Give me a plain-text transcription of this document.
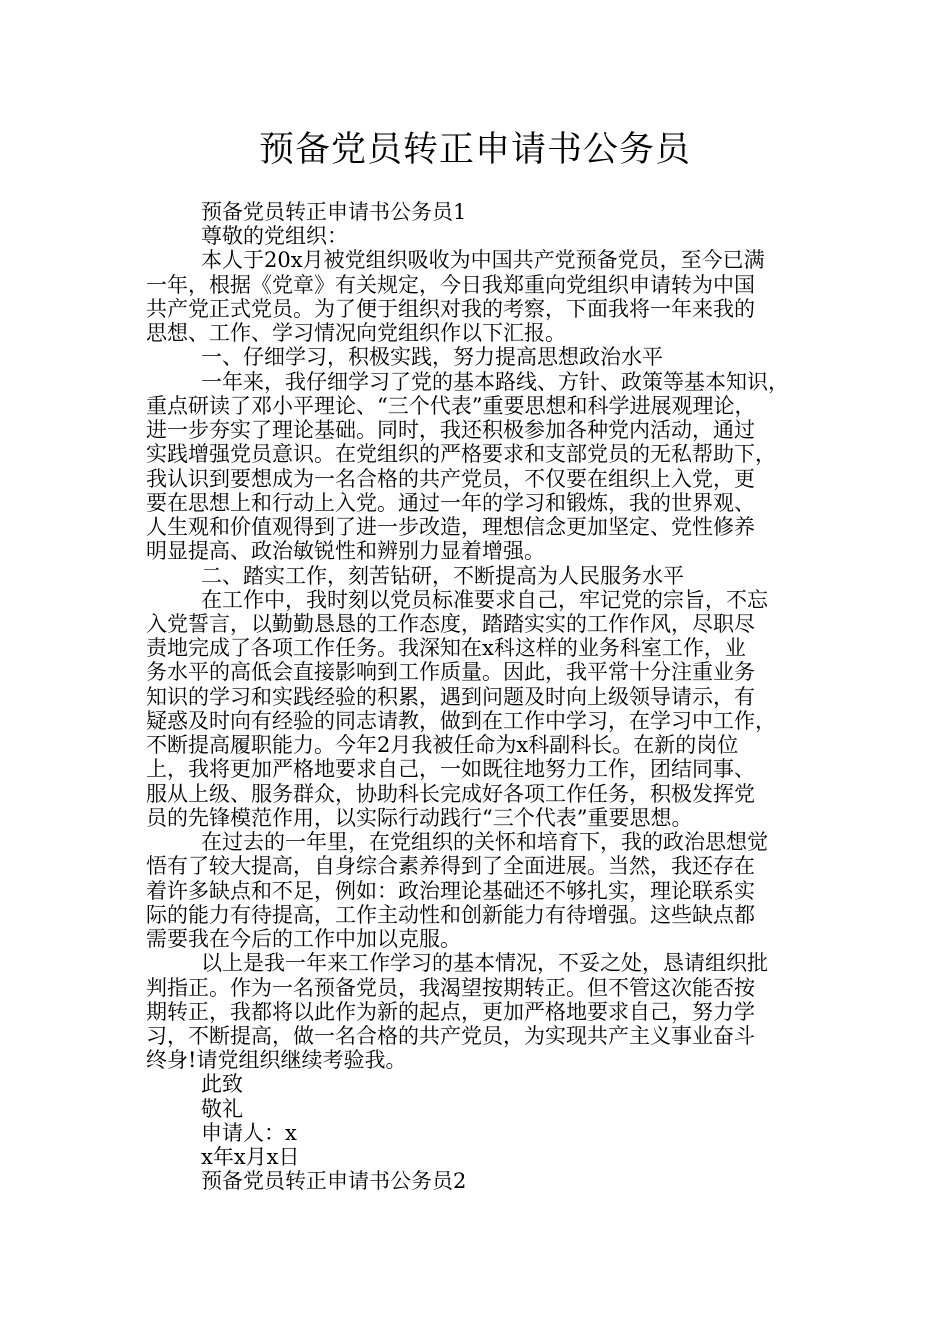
预备党员转正申请书公务员
预备党员转正申请书公务员1
尊敬的党组织：
本人于20x月被党组织吸收为中国共产党预备党员，至今已满
一年，根据《党章》有关规定，今日我郑重向党组织申请转为中国
共产党正式党员。为了便于组织对我的考察，下面我将一年来我的
思想、工作、学习情况向党组织作以下汇报。
一、仔细学习，积极实践，努力提高思想政治水平
一年来，我仔细学习了党的基本路线、方针、政策等基本知识，
重点研读了邓小平理论、“三个代表”重要思想和科学进展观理论，
进一步夯实了理论基础。同时，我还积极参加各种党内活动，通过
实践增强党员意识。在党组织的严格要求和支部党员的无私帮助下，
我认识到要想成为一名合格的共产党员，不仅要在组织上入党，更
要在思想上和行动上入党。通过一年的学习和锻炼，我的世界观、
人生观和价值观得到了进一步改造，理想信念更加坚定、党性修养
明显提高、政治敏锐性和辨别力显着增强。
二、踏实工作，刻苦钻研，不断提高为人民服务水平
在工作中，我时刻以党员标准要求自己，牢记党的宗旨，不忘
入党誓言，以勤勤恳恳的工作态度，踏踏实实的工作作风，尽职尽
责地完成了各项工作任务。我深知在x科这样的业务科室工作，业
务水平的高低会直接影响到工作质量。因此，我平常十分注重业务
知识的学习和实践经验的积累，遇到问题及时向上级领导请示，有
疑惑及时向有经验的同志请教，做到在工作中学习，在学习中工作，
不断提高履职能力。今年2月我被任命为x科副科长。在新的岗位
上，我将更加严格地要求自己，一如既往地努力工作，团结同事、
服从上级、服务群众，协助科长完成好各项工作任务，积极发挥党
员的先锋模范作用，以实际行动践行“三个代表”重要思想。
在过去的一年里，在党组织的关怀和培育下，我的政治思想觉
悟有了较大提高，自身综合素养得到了全面进展。当然，我还存在
着许多缺点和不足，例如：政治理论基础还不够扎实，理论联系实
际的能力有待提高，工作主动性和创新能力有待增强。这些缺点都
需要我在今后的工作中加以克服。
以上是我一年来工作学习的基本情况，不妥之处，恳请组织批
判指正。作为一名预备党员，我渴望按期转正。但不管这次能否按
期转正，我都将以此作为新的起点，更加严格地要求自己，努力学
习，不断提高，做一名合格的共产党员，为实现共产主义事业奋斗
终身!请党组织继续考验我。
此致
敬礼
申请人：x
x年x月x日
预备党员转正申请书公务员2
